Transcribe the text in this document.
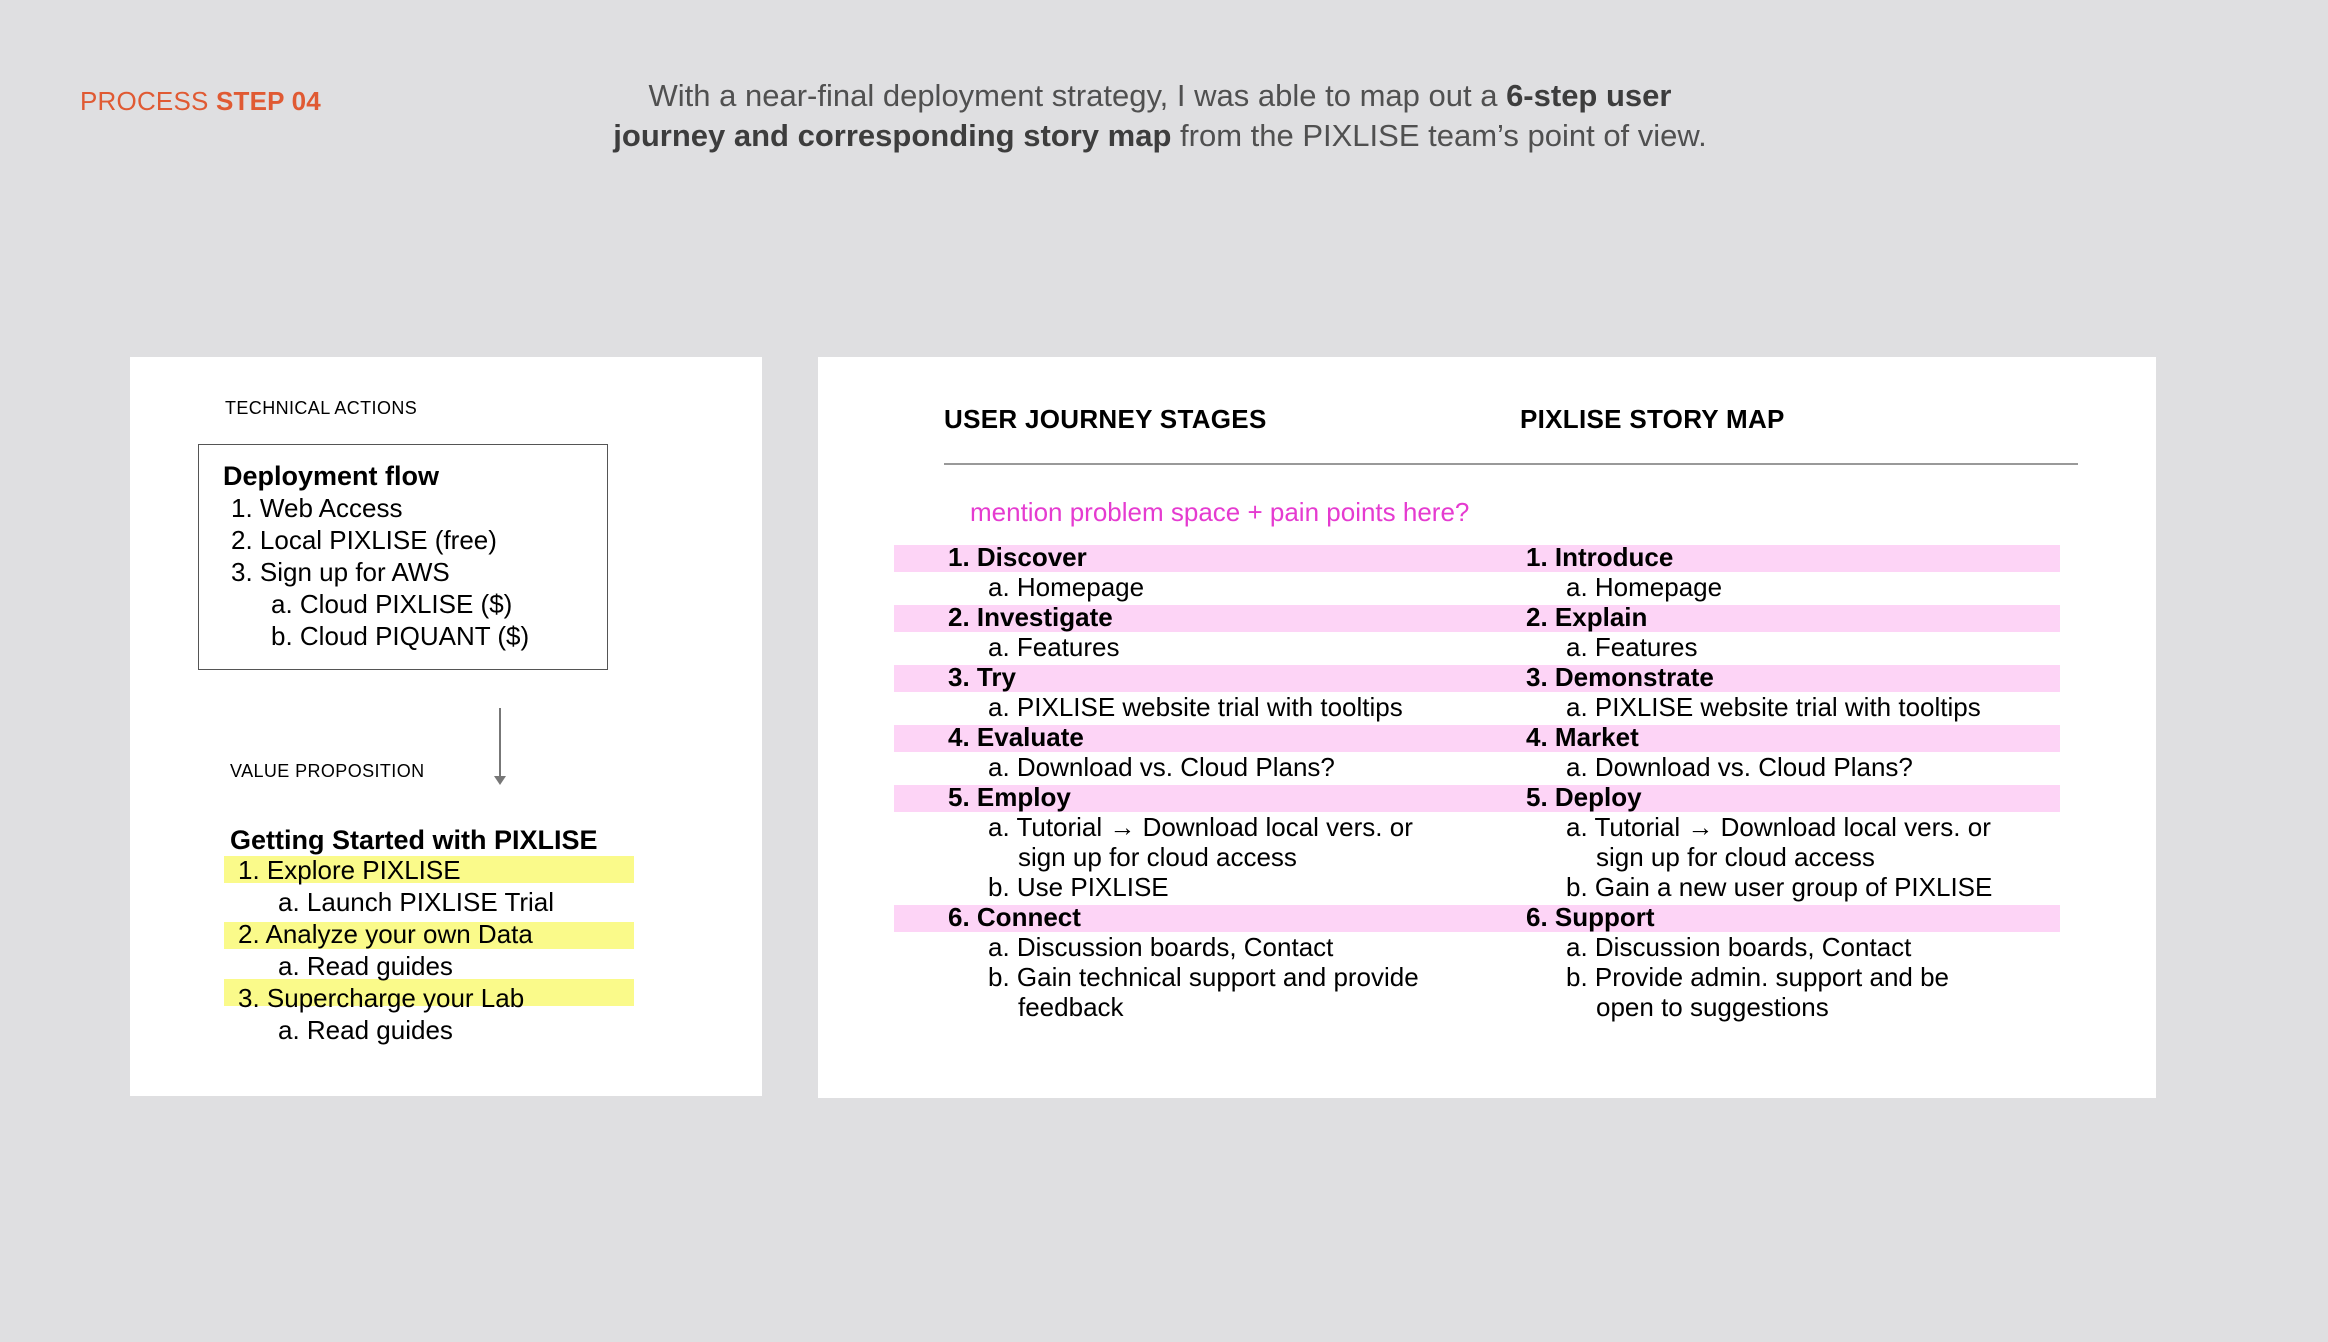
PROCESS STEP 04	With a near-final deployment strategy, I was able to map out a 6-step user
journey and corresponding story map from the PIXLISE team’s point of view.
TECHNICAL ACTIONS
Deployment flow
1. Web Access
2. Local PIXLISE (free)
3. Sign up for AWS
a. Cloud PIXLISE ($)
b. Cloud PIQUANT ($)
VALUE PROPOSITION
Getting Started with PIXLISE
1. Explore PIXLISE
a. Launch PIXLISE Trial
2. Analyze your own Data
a. Read guides
3. Supercharge your Lab
a. Read guides
USER JOURNEY STAGES	PIXLISE STORY MAP
mention problem space + pain points here?
1. Discover
a. Homepage
2. Investigate
a. Features
3. Try
a. PIXLISE website trial with tooltips
4. Evaluate
a. Download vs. Cloud Plans?
5. Employ
a. Tutorial → Download local vers. or
sign up for cloud access
b. Use PIXLISE
6. Connect
a. Discussion boards, Contact
b. Gain technical support and provide
feedback
1. Introduce
a. Homepage
2. Explain
a. Features
3. Demonstrate
a. PIXLISE website trial with tooltips
4. Market
a. Download vs. Cloud Plans?
5. Deploy
a. Tutorial → Download local vers. or
sign up for cloud access
b. Gain a new user group of PIXLISE
6. Support
a. Discussion boards, Contact
b. Provide admin. support and be
open to suggestions
